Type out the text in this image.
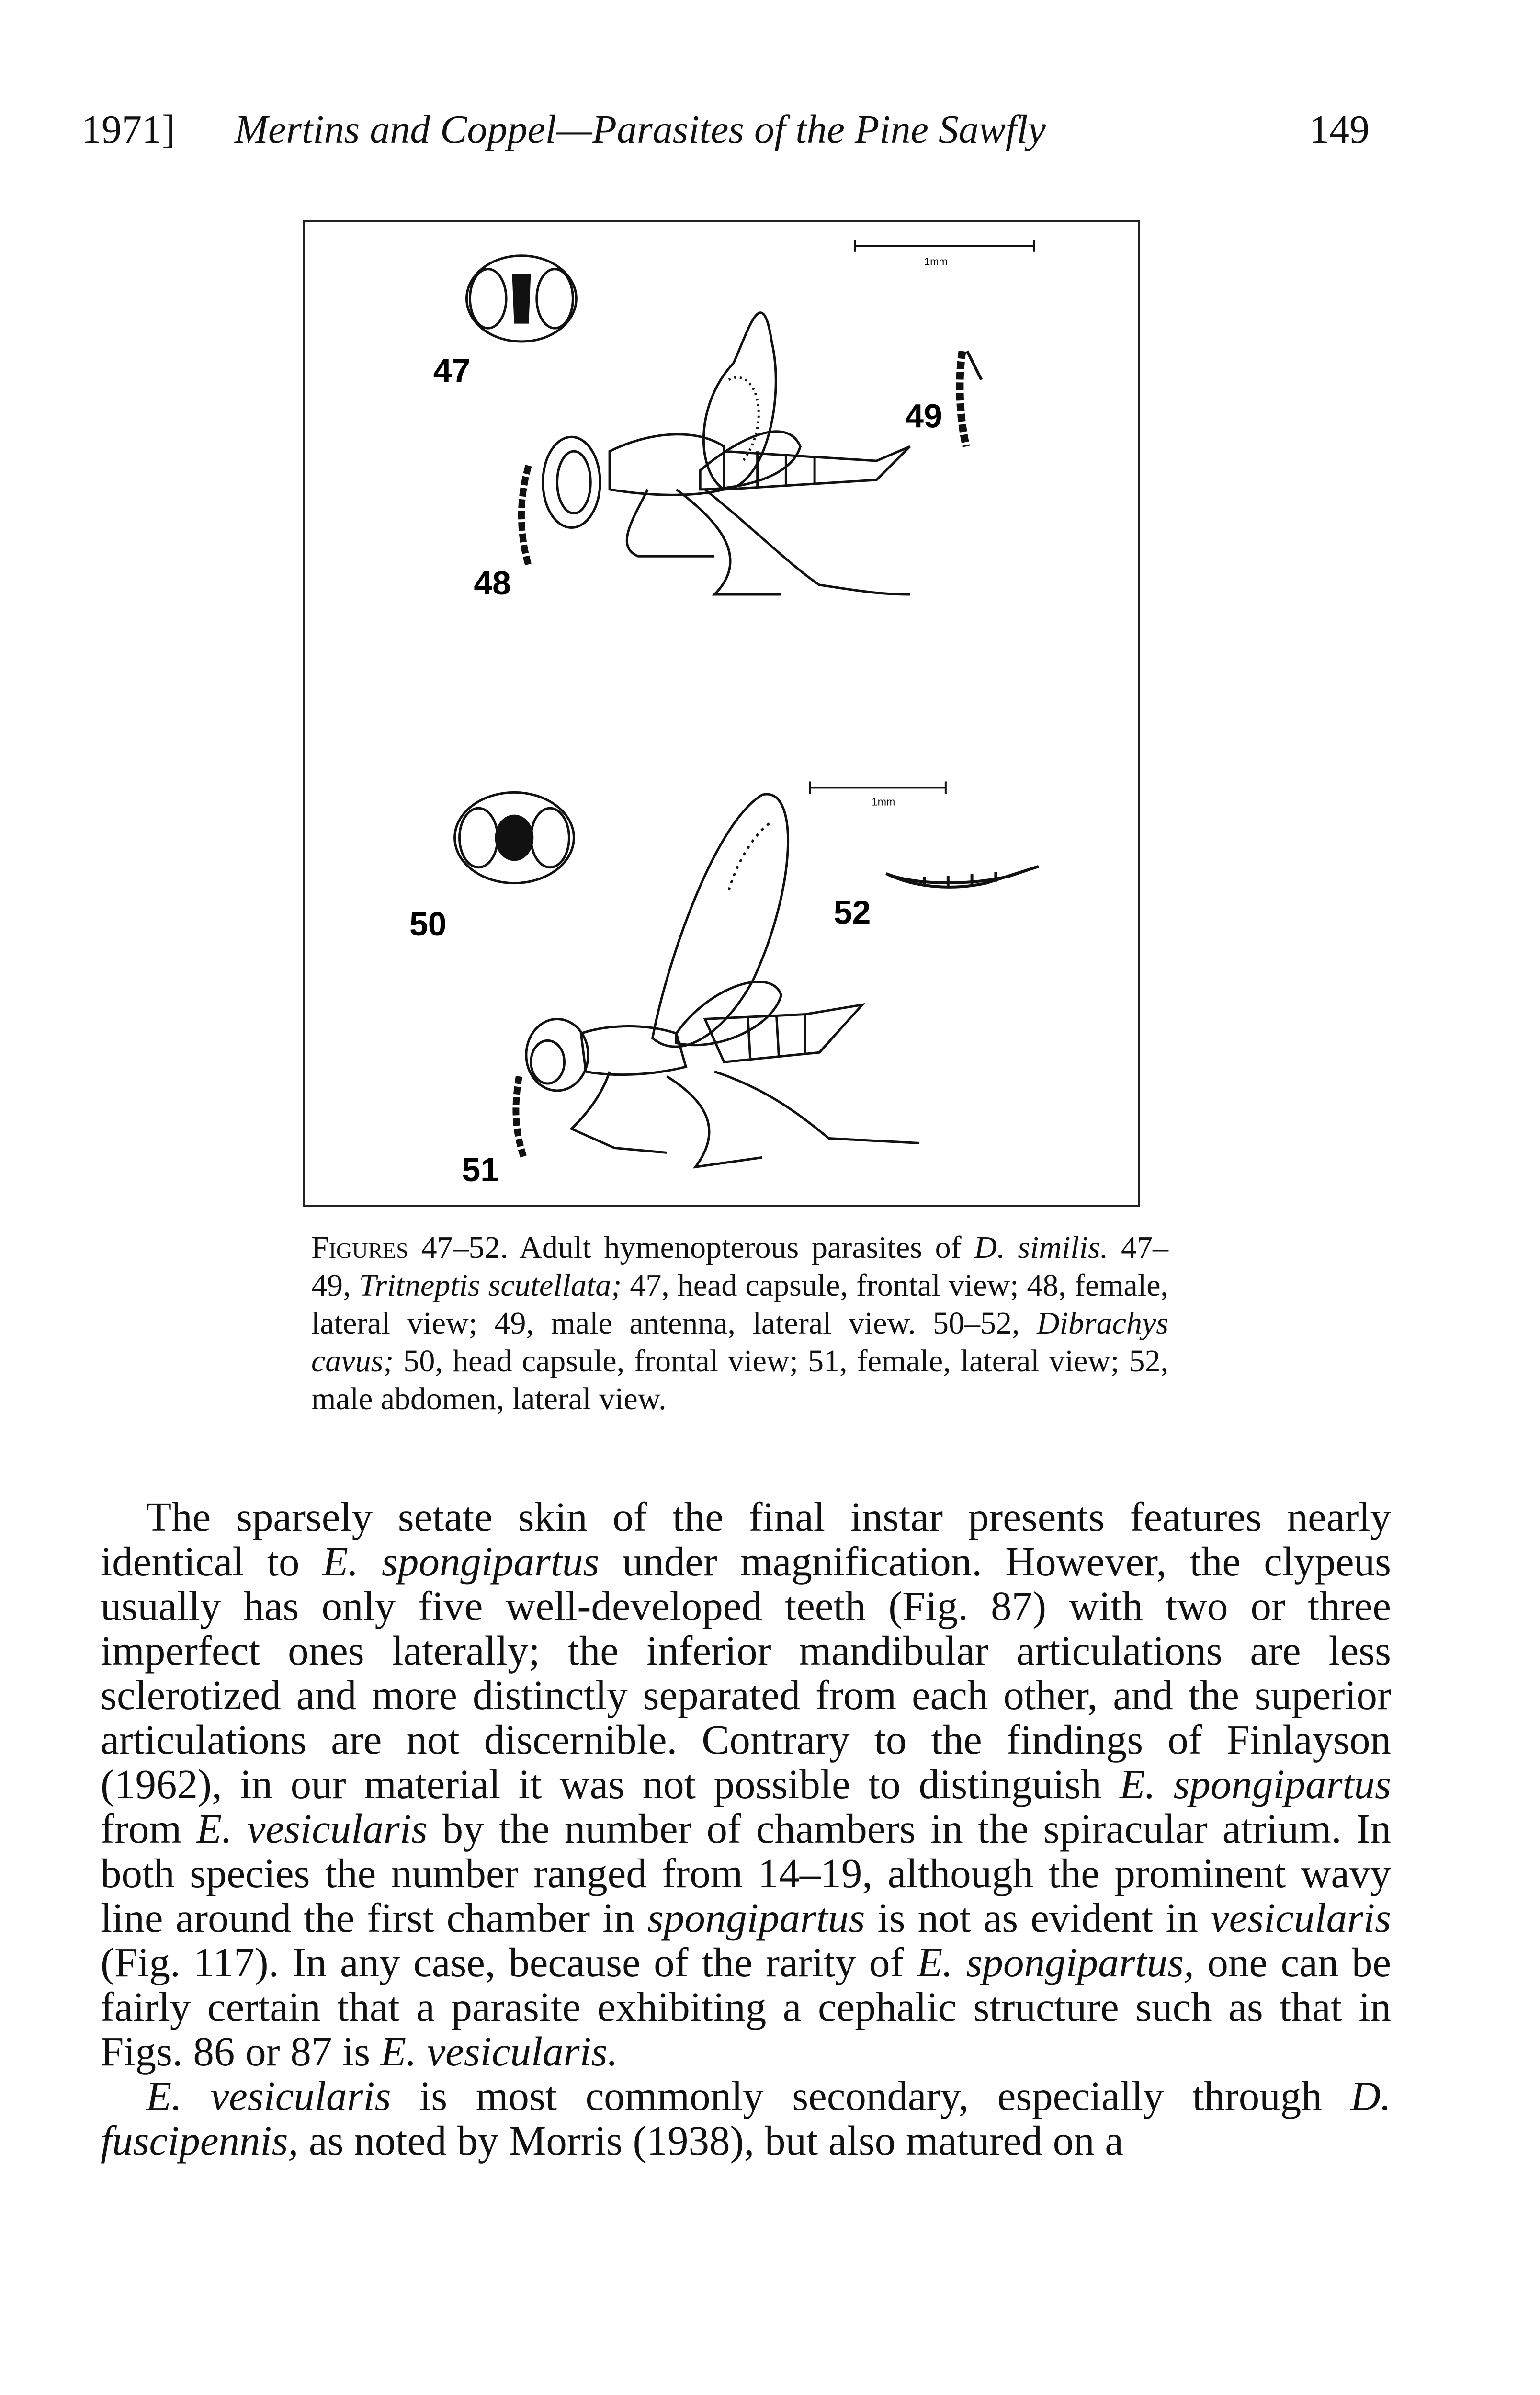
1971] Mertins and Coppel—Parasites of the Pine Sawfly	149
1mm
47
48
49
1mm
50
51
52

Figures 47–52. Adult hymenopterous parasites of D. similis. 47–49, Tritneptis scutellata; 47, head capsule, frontal view; 48, female, lateral view; 49, male antenna, lateral view. 50–52, Dibrachys cavus; 50, head capsule, frontal view; 51, female, lateral view; 52, male abdomen, lateral view.

The sparsely setate skin of the final instar presents features nearly identical to E. spongipartus under magnification. However, the clypeus usually has only five well-developed teeth (Fig. 87) with two or three imperfect ones laterally; the inferior mandibular articulations are less sclerotized and more distinctly separated from each other, and the superior articulations are not discernible. Contrary to the findings of Finlayson (1962), in our material it was not possible to distinguish E. spongipartus from E. vesicularis by the number of chambers in the spiracular atrium. In both species the number ranged from 14–19, although the prominent wavy line around the first chamber in spongipartus is not as evident in vesicularis (Fig. 117). In any case, because of the rarity of E. spongipartus, one can be fairly certain that a parasite exhibiting a cephalic structure such as that in Figs. 86 or 87 is E. vesicularis.

E. vesicularis is most commonly secondary, especially through D. fuscipennis, as noted by Morris (1938), but also matured on a
